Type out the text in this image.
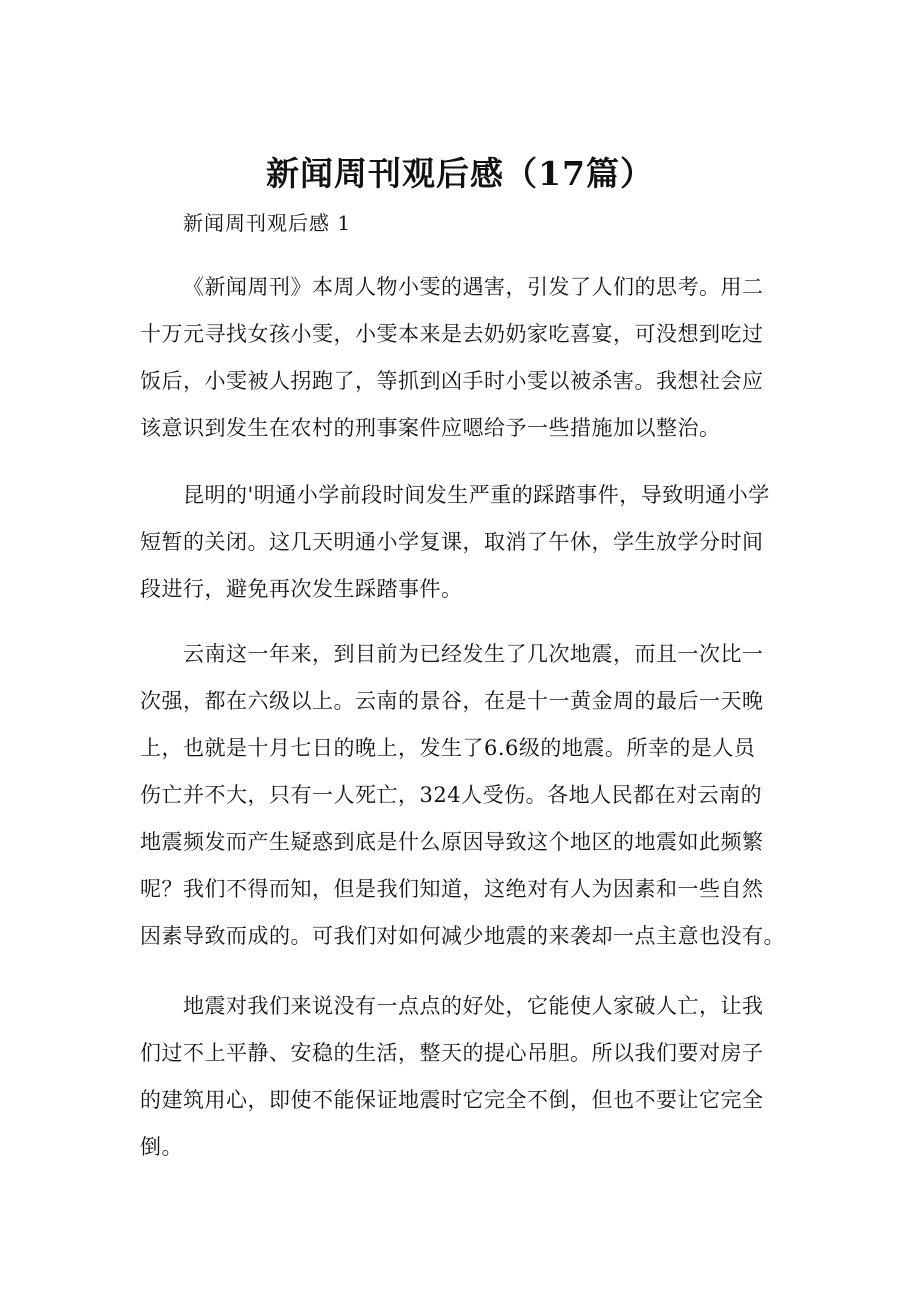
新闻周刊观后感（17篇）

新闻周刊观后感 1

《新闻周刊》本周人物小雯的遇害，引发了人们的思考。用二
十万元寻找女孩小雯，小雯本来是去奶奶家吃喜宴，可没想到吃过
饭后，小雯被人拐跑了，等抓到凶手时小雯以被杀害。我想社会应
该意识到发生在农村的刑事案件应嗯给予一些措施加以整治。

昆明的'明通小学前段时间发生严重的踩踏事件，导致明通小学
短暂的关闭。这几天明通小学复课，取消了午休，学生放学分时间
段进行，避免再次发生踩踏事件。

云南这一年来，到目前为已经发生了几次地震，而且一次比一
次强，都在六级以上。云南的景谷，在是十一黄金周的最后一天晚
上，也就是十月七日的晚上，发生了6.6级的地震。所幸的是人员
伤亡并不大，只有一人死亡，324人受伤。各地人民都在对云南的
地震频发而产生疑惑到底是什么原因导致这个地区的地震如此频繁
呢？我们不得而知，但是我们知道，这绝对有人为因素和一些自然
因素导致而成的。可我们对如何减少地震的来袭却一点主意也没有。

地震对我们来说没有一点点的好处，它能使人家破人亡，让我
们过不上平静、安稳的生活，整天的提心吊胆。所以我们要对房子
的建筑用心，即使不能保证地震时它完全不倒，但也不要让它完全
倒。
